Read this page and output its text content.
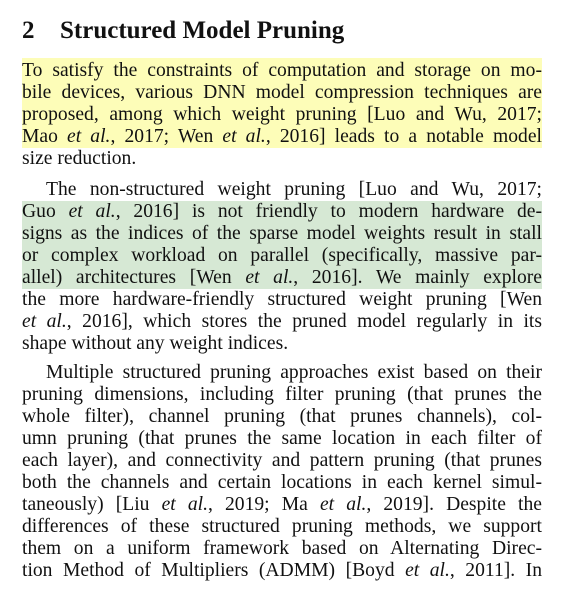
2 Structured Model Pruning
To satisfy the constraints of computation and storage on mo-
bile devices, various DNN model compression techniques are
proposed, among which weight pruning [Luo and Wu, 2017;
Mao et al., 2017; Wen et al., 2016] leads to a notable model
size reduction.
The non-structured weight pruning [Luo and Wu, 2017;
Guo et al., 2016] is not friendly to modern hardware de-
signs as the indices of the sparse model weights result in stall
or complex workload on parallel (specifically, massive par-
allel) architectures [Wen et al., 2016]. We mainly explore
the more hardware-friendly structured weight pruning [Wen
et al., 2016], which stores the pruned model regularly in its
shape without any weight indices.
Multiple structured pruning approaches exist based on their
pruning dimensions, including filter pruning (that prunes the
whole filter), channel pruning (that prunes channels), col-
umn pruning (that prunes the same location in each filter of
each layer), and connectivity and pattern pruning (that prunes
both the channels and certain locations in each kernel simul-
taneously) [Liu et al., 2019; Ma et al., 2019]. Despite the
differences of these structured pruning methods, we support
them on a uniform framework based on Alternating Direc-
tion Method of Multipliers (ADMM) [Boyd et al., 2011]. In
